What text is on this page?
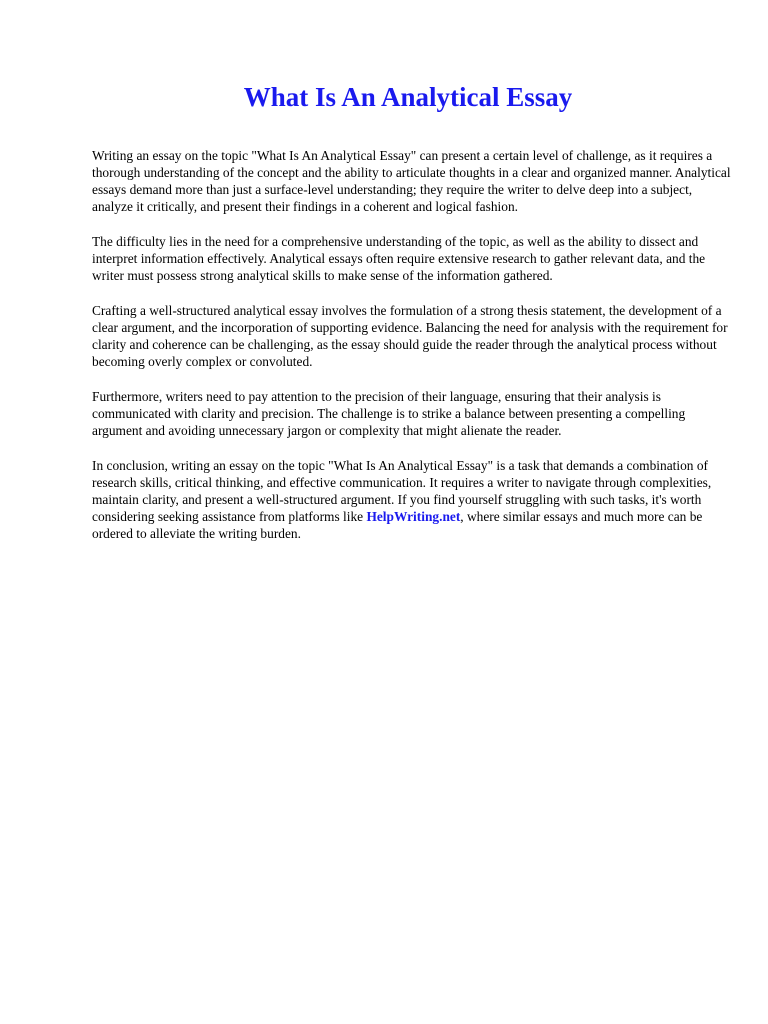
What Is An Analytical Essay

Writing an essay on the topic "What Is An Analytical Essay" can present a certain level of challenge, as it requires a thorough understanding of the concept and the ability to articulate thoughts in a clear and organized manner. Analytical essays demand more than just a surface-level understanding; they require the writer to delve deep into a subject, analyze it critically, and present their findings in a coherent and logical fashion.

The difficulty lies in the need for a comprehensive understanding of the topic, as well as the ability to dissect and interpret information effectively. Analytical essays often require extensive research to gather relevant data, and the writer must possess strong analytical skills to make sense of the information gathered.

Crafting a well-structured analytical essay involves the formulation of a strong thesis statement, the development of a clear argument, and the incorporation of supporting evidence. Balancing the need for analysis with the requirement for clarity and coherence can be challenging, as the essay should guide the reader through the analytical process without becoming overly complex or convoluted.

Furthermore, writers need to pay attention to the precision of their language, ensuring that their analysis is communicated with clarity and precision. The challenge is to strike a balance between presenting a compelling argument and avoiding unnecessary jargon or complexity that might alienate the reader.

In conclusion, writing an essay on the topic "What Is An Analytical Essay" is a task that demands a combination of research skills, critical thinking, and effective communication. It requires a writer to navigate through complexities, maintain clarity, and present a well-structured argument. If you find yourself struggling with such tasks, it's worth considering seeking assistance from platforms like HelpWriting.net, where similar essays and much more can be ordered to alleviate the writing burden.
